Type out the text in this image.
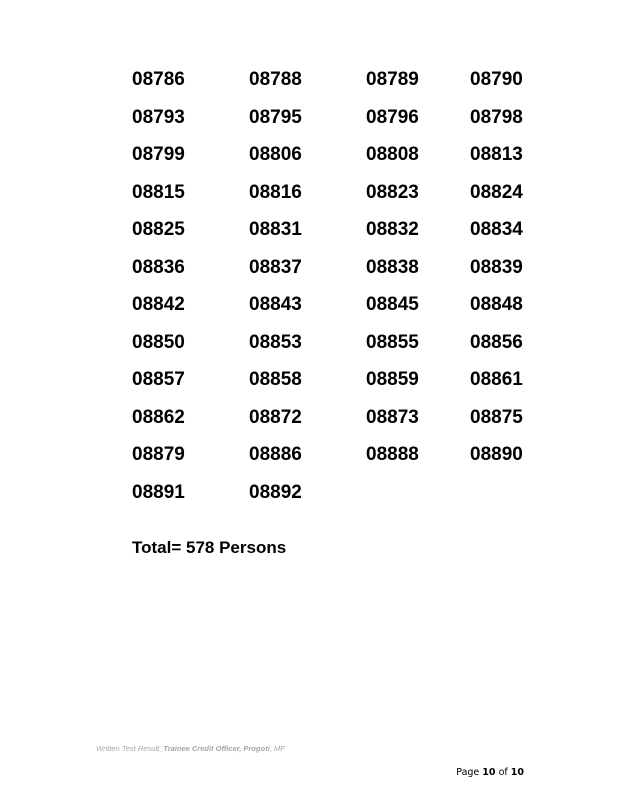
08786	08788	08789	08790
08793	08795	08796	08798
08799	08806	08808	08813
08815	08816	08823	08824
08825	08831	08832	08834
08836	08837	08838	08839
08842	08843	08845	08848
08850	08853	08855	08856
08857	08858	08859	08861
08862	08872	08873	08875
08879	08886	08888	08890
08891	08892
Total= 578 Persons
Written Test Result_Trainee Credit Officer, Progoti, MF
Page 10 of 10
